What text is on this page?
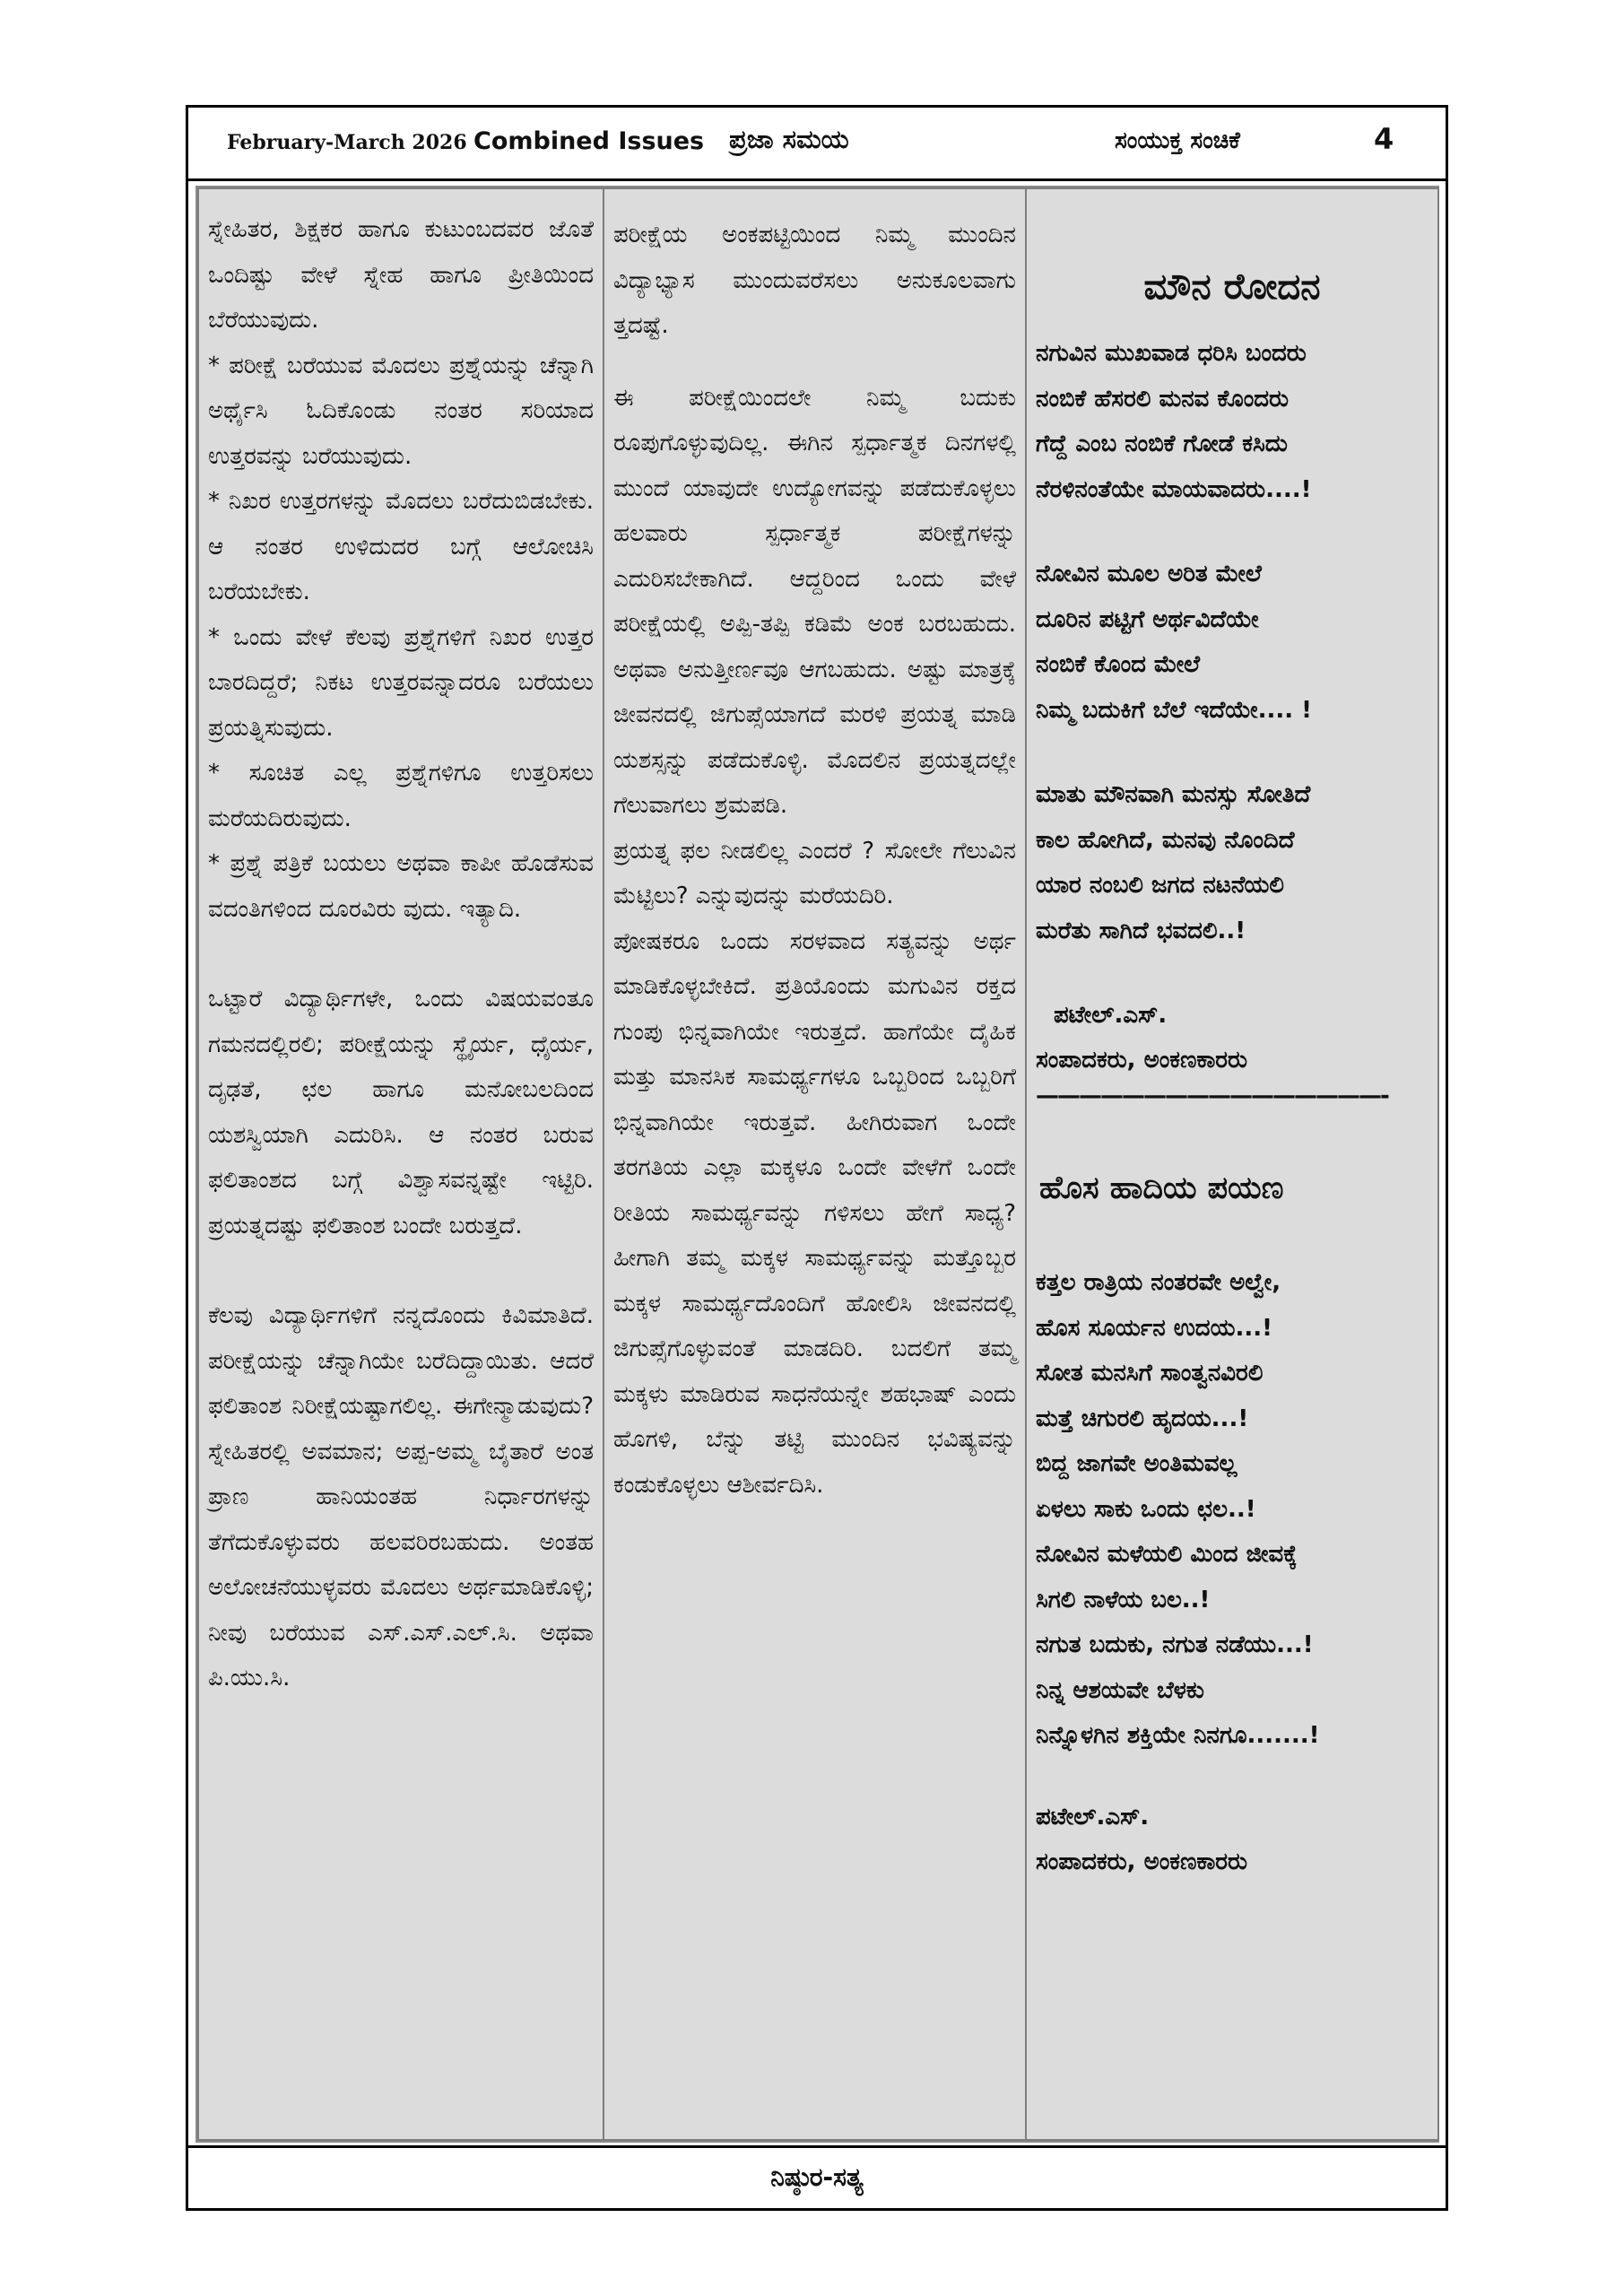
February-March 2026 Combined Issues ಪ್ರಜಾ ಸಮಯ	ಸಂಯುಕ್ತ ಸಂಚಿಕೆ	4

ಸ್ನೇಹಿತರ, ಶಿಕ್ಷಕರ ಹಾಗೂ ಕುಟುಂಬದವರ ಜೊತೆ ಒಂದಿಷ್ಟು ವೇಳೆ ಸ್ನೇಹ ಹಾಗೂ ಪ್ರೀತಿಯಿಂದ ಬೆರೆಯುವುದು.

* ಪರೀಕ್ಷೆ ಬರೆಯುವ ಮೊದಲು ಪ್ರಶ್ನೆಯನ್ನು ಚೆನ್ನಾಗಿ ಅರ್ಥೈಸಿ ಓದಿಕೊಂಡು ನಂತರ ಸರಿಯಾದ ಉತ್ತರವನ್ನು ಬರೆಯುವುದು.

* ನಿಖರ ಉತ್ತರಗಳನ್ನು ಮೊದಲು ಬರೆದುಬಿಡಬೇಕು. ಆ ನಂತರ ಉಳಿದುದರ ಬಗ್ಗೆ ಆಲೋಚಿಸಿ ಬರೆಯಬೇಕು.

* ಒಂದು ವೇಳೆ ಕೆಲವು ಪ್ರಶ್ನೆಗಳಿಗೆ ನಿಖರ ಉತ್ತರ ಬಾರದಿದ್ದರೆ; ನಿಕಟ ಉತ್ತರವನ್ನಾದರೂ ಬರೆಯಲು ಪ್ರಯತ್ನಿಸುವುದು.

* ಸೂಚಿತ ಎಲ್ಲ ಪ್ರಶ್ನೆಗಳಿಗೂ ಉತ್ತರಿಸಲು ಮರೆಯದಿರುವುದು.

* ಪ್ರಶ್ನೆ ಪತ್ರಿಕೆ ಬಯಲು ಅಥವಾ ಕಾಪೀ ಹೊಡೆಸುವ ವದಂತಿಗಳಿಂದ ದೂರವಿರು ವುದು. ಇತ್ಯಾದಿ.

ಒಟ್ಟಾರೆ ವಿದ್ಯಾರ್ಥಿಗಳೇ, ಒಂದು ವಿಷಯವಂತೂ ಗಮನದಲ್ಲಿರಲಿ; ಪರೀಕ್ಷೆಯನ್ನು ಸ್ಥೈರ್ಯ, ಧೈರ್ಯ, ದೃಢತೆ, ಛಲ ಹಾಗೂ ಮನೋಬಲದಿಂದ ಯಶಸ್ವಿಯಾಗಿ ಎದುರಿಸಿ. ಆ ನಂತರ ಬರುವ ಫಲಿತಾಂಶದ ಬಗ್ಗೆ ವಿಶ್ವಾಸವನ್ನಷ್ಟೇ ಇಟ್ಟಿರಿ. ಪ್ರಯತ್ನದಷ್ಟು ಫಲಿತಾಂಶ ಬಂದೇ ಬರುತ್ತದೆ.

ಕೆಲವು ವಿದ್ಯಾರ್ಥಿಗಳಿಗೆ ನನ್ನದೊಂದು ಕಿವಿಮಾತಿದೆ. ಪರೀಕ್ಷೆಯನ್ನು ಚೆನ್ನಾಗಿಯೇ ಬರೆದಿದ್ದಾಯಿತು. ಆದರೆ ಫಲಿತಾಂಶ ನಿರೀಕ್ಷೆಯಷ್ಟಾಗಲಿಲ್ಲ. ಈಗೇನ್ಮಾಡುವುದು? ಸ್ನೇಹಿತರಲ್ಲಿ ಅವಮಾನ; ಅಪ್ಪ-ಅಮ್ಮ ಬೈತಾರೆ ಅಂತ ಪ್ರಾಣ ಹಾನಿಯಂತಹ ನಿರ್ಧಾರಗಳನ್ನು ತೆಗೆದುಕೊಳ್ಳುವರು ಹಲವರಿರಬಹುದು. ಅಂತಹ ಅಲೋಚನೆಯುಳ್ಳವರು ಮೊದಲು ಅರ್ಥಮಾಡಿಕೊಳ್ಳಿ; ನೀವು ಬರೆಯುವ ಎಸ್.ಎಸ್.ಎಲ್.ಸಿ. ಅಥವಾ ಪಿ.ಯು.ಸಿ.

ಪರೀಕ್ಷೆಯ ಅಂಕಪಟ್ಟಿಯಿಂದ ನಿಮ್ಮ ಮುಂದಿನ ವಿದ್ಯಾಭ್ಯಾಸ ಮುಂದುವರೆಸಲು ಅನುಕೂಲವಾಗು ತ್ತದಷ್ಟೆ.

ಈ ಪರೀಕ್ಷೆಯಿಂದಲೇ ನಿಮ್ಮ ಬದುಕು ರೂಪುಗೊಳ್ಳುವುದಿಲ್ಲ. ಈಗಿನ ಸ್ಪರ್ಧಾತ್ಮಕ ದಿನಗಳಲ್ಲಿ ಮುಂದೆ ಯಾವುದೇ ಉದ್ಯೋಗವನ್ನು ಪಡೆದುಕೊಳ್ಳಲು ಹಲವಾರು ಸ್ಪರ್ಧಾತ್ಮಕ ಪರೀಕ್ಷೆಗಳನ್ನು ಎದುರಿಸಬೇಕಾಗಿದೆ. ಆದ್ದರಿಂದ ಒಂದು ವೇಳೆ ಪರೀಕ್ಷೆಯಲ್ಲಿ ಅಪ್ಪಿ-ತಪ್ಪಿ ಕಡಿಮೆ ಅಂಕ ಬರಬಹುದು. ಅಥವಾ ಅನುತ್ತೀರ್ಣವೂ ಆಗಬಹುದು. ಅಷ್ಟು ಮಾತ್ರಕ್ಕೆ ಜೀವನದಲ್ಲಿ ಜಿಗುಪ್ಸೆಯಾಗದೆ ಮರಳಿ ಪ್ರಯತ್ನ ಮಾಡಿ ಯಶಸ್ಸನ್ನು ಪಡೆದುಕೊಳ್ಳಿ. ಮೊದಲಿನ ಪ್ರಯತ್ನದಲ್ಲೇ ಗೆಲುವಾಗಲು ಶ್ರಮಪಡಿ.

ಪ್ರಯತ್ನ ಫಲ ನೀಡಲಿಲ್ಲ ಎಂದರೆ ? ಸೋಲೇ ಗೆಲುವಿನ ಮೆಟ್ಟಿಲು? ಎನ್ನುವುದನ್ನು ಮರೆಯದಿರಿ.

ಪೋಷಕರೂ ಒಂದು ಸರಳವಾದ ಸತ್ಯವನ್ನು ಅರ್ಥ ಮಾಡಿಕೊಳ್ಳಬೇಕಿದೆ. ಪ್ರತಿಯೊಂದು ಮಗುವಿನ ರಕ್ತದ ಗುಂಪು ಭಿನ್ನವಾಗಿಯೇ ಇರುತ್ತದೆ. ಹಾಗೆಯೇ ದೈಹಿಕ ಮತ್ತು ಮಾನಸಿಕ ಸಾಮರ್ಥ್ಯಗಳೂ ಒಬ್ಬರಿಂದ ಒಬ್ಬರಿಗೆ ಭಿನ್ನವಾಗಿಯೇ ಇರುತ್ತವೆ. ಹೀಗಿರುವಾಗ ಒಂದೇ ತರಗತಿಯ ಎಲ್ಲಾ ಮಕ್ಕಳೂ ಒಂದೇ ವೇಳೆಗೆ ಒಂದೇ ರೀತಿಯ ಸಾಮರ್ಥ್ಯವನ್ನು ಗಳಿಸಲು ಹೇಗೆ ಸಾಧ್ಯ? ಹೀಗಾಗಿ ತಮ್ಮ ಮಕ್ಕಳ ಸಾಮರ್ಥ್ಯವನ್ನು ಮತ್ತೊಬ್ಬರ ಮಕ್ಕಳ ಸಾಮರ್ಥ್ಯದೊಂದಿಗೆ ಹೋಲಿಸಿ ಜೀವನದಲ್ಲಿ ಜಿಗುಪ್ಸೆಗೊಳ್ಳುವಂತೆ ಮಾಡದಿರಿ. ಬದಲಿಗೆ ತಮ್ಮ ಮಕ್ಕಳು ಮಾಡಿರುವ ಸಾಧನೆಯನ್ನೇ ಶಹಭಾಷ್ ಎಂದು ಹೊಗಳಿ, ಬೆನ್ನು ತಟ್ಟಿ ಮುಂದಿನ ಭವಿಷ್ಯವನ್ನು ಕಂಡುಕೊಳ್ಳಲು ಆಶೀರ್ವದಿಸಿ.

ಮೌನ ರೋದನ

ನಗುವಿನ ಮುಖವಾಡ ಧರಿಸಿ ಬಂದರು

ನಂಬಿಕೆ ಹೆಸರಲಿ ಮನವ ಕೊಂದರು

ಗೆದ್ದೆ ಎಂಬ ನಂಬಿಕೆ ಗೋಡೆ ಕಸಿದು

ನೆರಳಿನಂತೆಯೇ ಮಾಯವಾದರು....!

ನೋವಿನ ಮೂಲ ಅರಿತ ಮೇಲೆ

ದೂರಿನ ಪಟ್ಟಿಗೆ ಅರ್ಥವಿದೆಯೇ

ನಂಬಿಕೆ ಕೊಂದ ಮೇಲೆ

ನಿಮ್ಮ ಬದುಕಿಗೆ ಬೆಲೆ ಇದೆಯೇ.... !

ಮಾತು ಮೌನವಾಗಿ ಮನಸ್ಸು ಸೋತಿದೆ

ಕಾಲ ಹೋಗಿದೆ, ಮನವು ನೊಂದಿದೆ

ಯಾರ ನಂಬಲಿ ಜಗದ ನಟನೆಯಲಿ

ಮರೆತು ಸಾಗಿದೆ ಭವದಲಿ..!

ಪಟೇಲ್.ಎಸ್.
ಸಂಪಾದಕರು, ಅಂಕಣಕಾರರು
————————————————-
ಹೊಸ ಹಾದಿಯ ಪಯಣ

ಕತ್ತಲ ರಾತ್ರಿಯ ನಂತರವೇ ಅಲ್ವೇ,

ಹೊಸ ಸೂರ್ಯನ ಉದಯ...!

ಸೋತ ಮನಸಿಗೆ ಸಾಂತ್ವನವಿರಲಿ

ಮತ್ತೆ ಚಿಗುರಲಿ ಹೃದಯ...!

ಬಿದ್ದ ಜಾಗವೇ ಅಂತಿಮವಲ್ಲ

ಏಳಲು ಸಾಕು ಒಂದು ಛಲ..!

ನೋವಿನ ಮಳೆಯಲಿ ಮಿಂದ ಜೀವಕ್ಕೆ

ಸಿಗಲಿ ನಾಳೆಯ ಬಲ..!

ನಗುತ ಬದುಕು, ನಗುತ ನಡೆಯು...!

ನಿನ್ನ ಆಶಯವೇ ಬೆಳಕು

ನಿನ್ನೊಳಗಿನ ಶಕ್ತಿಯೇ ನಿನಗೂ.......!

ಪಟೇಲ್.ಎಸ್.
ಸಂಪಾದಕರು, ಅಂಕಣಕಾರರು
ನಿಷ್ಠುರ-ಸತ್ಯ
